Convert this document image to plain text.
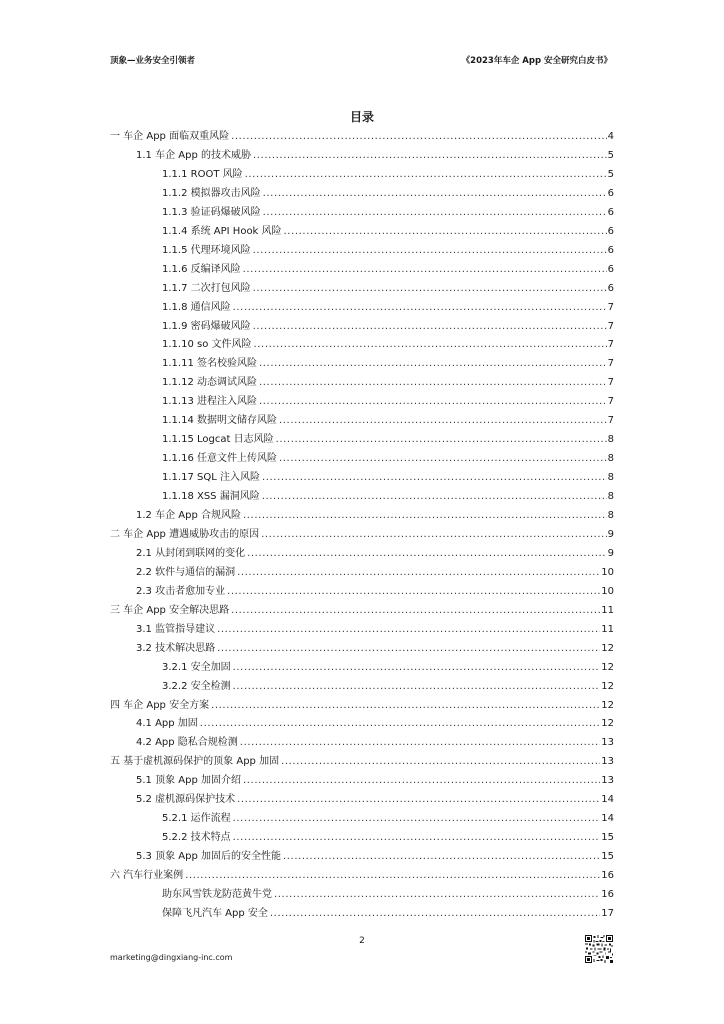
顶象—业务安全引领者	《2023年车企 App 安全研究白皮书》
目录
一 车企 App 面临双重风险 .....	4
1.1 车企 App 的技术威胁 .....	5
1.1.1 ROOT 风险 .....	5
1.1.2 模拟器攻击风险 .....	6
1.1.3 验证码爆破风险 .....	6
1.1.4 系统 API Hook 风险 .....	6
1.1.5 代理环境风险 .....	6
1.1.6 反编译风险 .....	6
1.1.7 二次打包风险 .....	6
1.1.8 通信风险 .....	7
1.1.9 密码爆破风险 .....	7
1.1.10 so 文件风险 .....	7
1.1.11 签名校验风险 .....	7
1.1.12 动态调试风险 .....	7
1.1.13 进程注入风险 .....	7
1.1.14 数据明文储存风险 .....	7
1.1.15 Logcat 日志风险 .....	8
1.1.16 任意文件上传风险 .....	8
1.1.17 SQL 注入风险 .....	8
1.1.18 XSS 漏洞风险 .....	8
1.2 车企 App 合规风险 .....	8
二 车企 App 遭遇威胁攻击的原因 .....	9
2.1 从封闭到联网的变化 .....	9
2.2 软件与通信的漏洞 .....	10
2.3 攻击者愈加专业 .....	10
三 车企 App 安全解决思路 .....	11
3.1 监管指导建议 .....	11
3.2 技术解决思路 .....	12
3.2.1 安全加固 .....	12
3.2.2 安全检测 .....	12
四 车企 App 安全方案 .....	12
4.1 App 加固 .....	12
4.2 App 隐私合规检测 .....	13
五 基于虚机源码保护的顶象 App 加固 .....	13
5.1 顶象 App 加固介绍 .....	13
5.2 虚机源码保护技术 .....	14
5.2.1 运作流程 .....	14
5.2.2 技术特点 .....	15
5.3 顶象 App 加固后的安全性能 .....	15
六 汽车行业案例 .....	16
助东风雪铁龙防范黄牛党 .....	16
保障飞凡汽车 App 安全 .....	17
2
marketing@dingxiang-inc.com
